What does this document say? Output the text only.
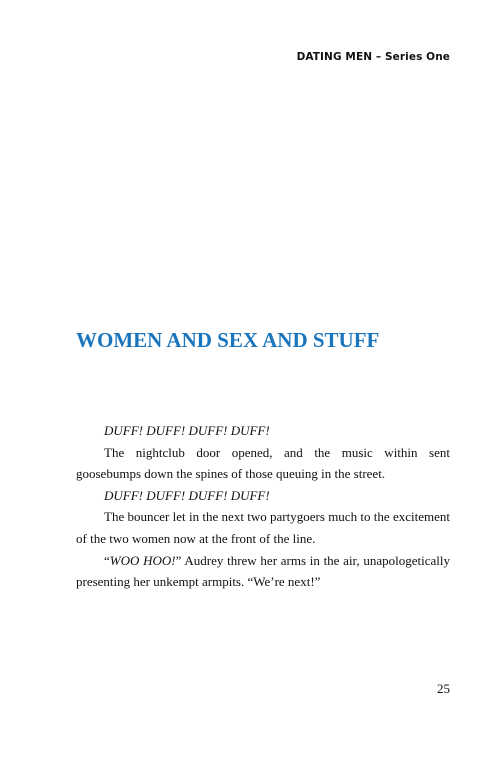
DATING MEN – Series One
WOMEN AND SEX AND STUFF

DUFF! DUFF! DUFF! DUFF!

The nightclub door opened, and the music within sent goosebumps down the spines of those queuing in the street.

DUFF! DUFF! DUFF! DUFF!

The bouncer let in the next two partygoers much to the excitement of the two women now at the front of the line.

“WOO HOO!” Audrey threw her arms in the air, unapologetically presenting her unkempt armpits. “We’re next!”

25
